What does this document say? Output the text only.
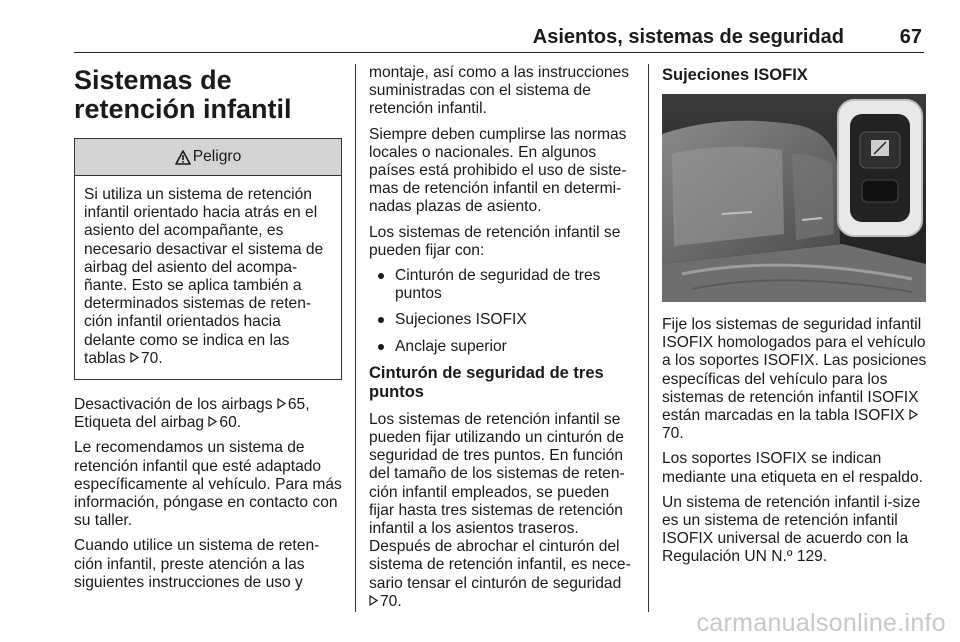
Asientos, sistemas de seguridad	67
Sistemas de retención infantil
Peligro
Si utiliza un sistema de retención infantil orientado hacia atrás en el asiento del acompañante, es necesario desactivar el sistema de airbag del asiento del acompa-ñante. Esto se aplica también a determinados sistemas de reten-ción infantil orientados hacia delante como se indica en las tablas 70.

Desactivación de los airbags 65,
Etiqueta del airbag 60.

Le recomendamos un sistema de retención infantil que esté adaptado específicamente al vehículo. Para más información, póngase en contacto con su taller.

Cuando utilice un sistema de reten-ción infantil, preste atención a las siguientes instrucciones de uso y

montaje, así como a las instrucciones suministradas con el sistema de retención infantil.

Siempre deben cumplirse las normas locales o nacionales. En algunos países está prohibido el uso de siste-mas de retención infantil en determi-nadas plazas de asiento.

Los sistemas de retención infantil se pueden fijar con:

Cinturón de seguridad de tres puntos
Sujeciones ISOFIX
Anclaje superior
Cinturón de seguridad de tres puntos

Los sistemas de retención infantil se pueden fijar utilizando un cinturón de seguridad de tres puntos. En función del tamaño de los sistemas de reten-ción infantil empleados, se pueden fijar hasta tres sistemas de retención infantil a los asientos traseros. Después de abrochar el cinturón del sistema de retención infantil, es nece-sario tensar el cinturón de seguridad 70.

Sujeciones ISOFIX

Fije los sistemas de seguridad infantil ISOFIX homologados para el vehículo a los soportes ISOFIX. Las posiciones específicas del vehículo para los sistemas de retención infantil ISOFIX están marcadas en la tabla ISOFIX 70.

Los soportes ISOFIX se indican mediante una etiqueta en el respaldo.

Un sistema de retención infantil i-size es un sistema de retención infantil ISOFIX universal de acuerdo con la Regulación UN N.º 129.

carmanualsonline.info
